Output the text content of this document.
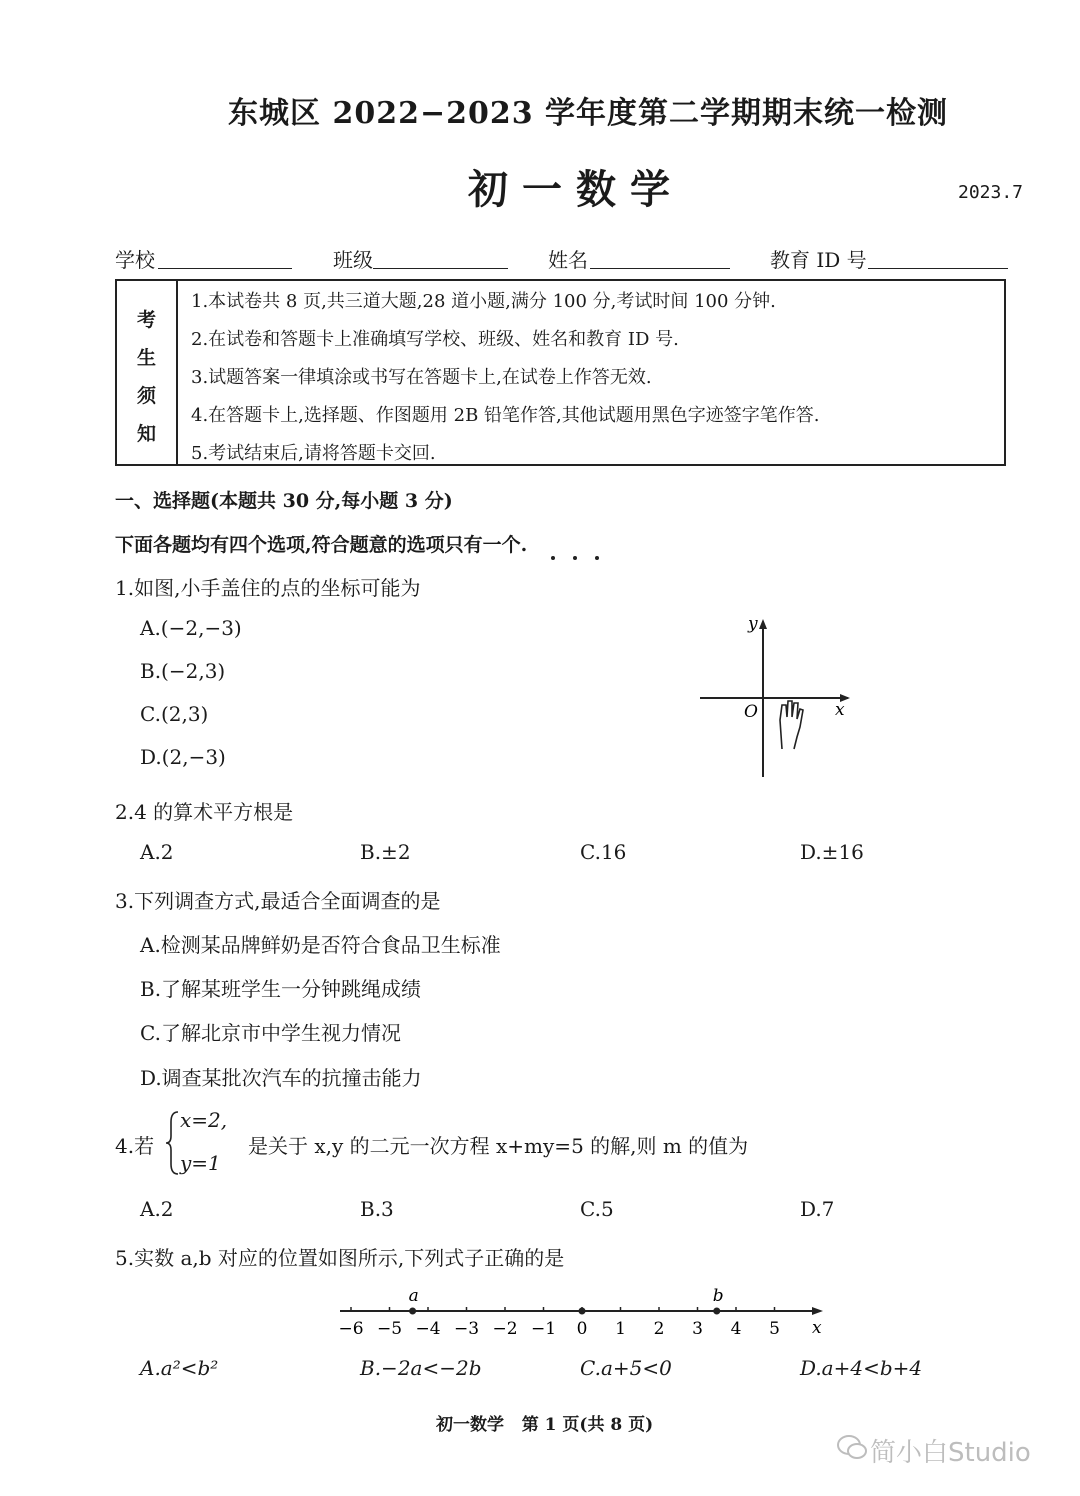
东城区 2022−2023 学年度第二学期期末统一检测
初一数学	2023.7
学校	班级	姓名	教育 ID 号
考
生
须
知
1.本试卷共 8 页,共三道大题,28 道小题,满分 100 分,考试时间 100 分钟.
2.在试卷和答题卡上准确填写学校、班级、姓名和教育 ID 号.
3.试题答案一律填涂或书写在答题卡上,在试卷上作答无效.
4.在答题卡上,选择题、作图题用 2B 铅笔作答,其他试题用黑色字迹签字笔作答.
5.考试结束后,请将答题卡交回.
一、选择题(本题共 30 分,每小题 3 分)
下面各题均有四个选项,符合题意的选项只有一个.
1.如图,小手盖住的点的坐标可能为
A.(−2,−3)
B.(−2,3)
C.(2,3)
D.(2,−3)
y
x
O
2.4 的算术平方根是
A.2	B.±2	C.16	D.±16
3.下列调查方式,最适合全面调查的是
A.检测某品牌鲜奶是否符合食品卫生标准
B.了解某班学生一分钟跳绳成绩
C.了解北京市中学生视力情况
D.调查某批次汽车的抗撞击能力
4.若
x=2,
y=1
是关于 x,y 的二元一次方程 x+my=5 的解,则 m 的值为
A.2	B.3	C.5	D.7
5.实数 a,b 对应的位置如图所示,下列式子正确的是
x
−6 −5 −4 −3 −2 −1 0 1 2 3 4 5
a	b
A.a²<b²	B.−2a<−2b	C.a+5<0	D.a+4<b+4
初一数学   第 1 页(共 8 页)
简小白Studio
